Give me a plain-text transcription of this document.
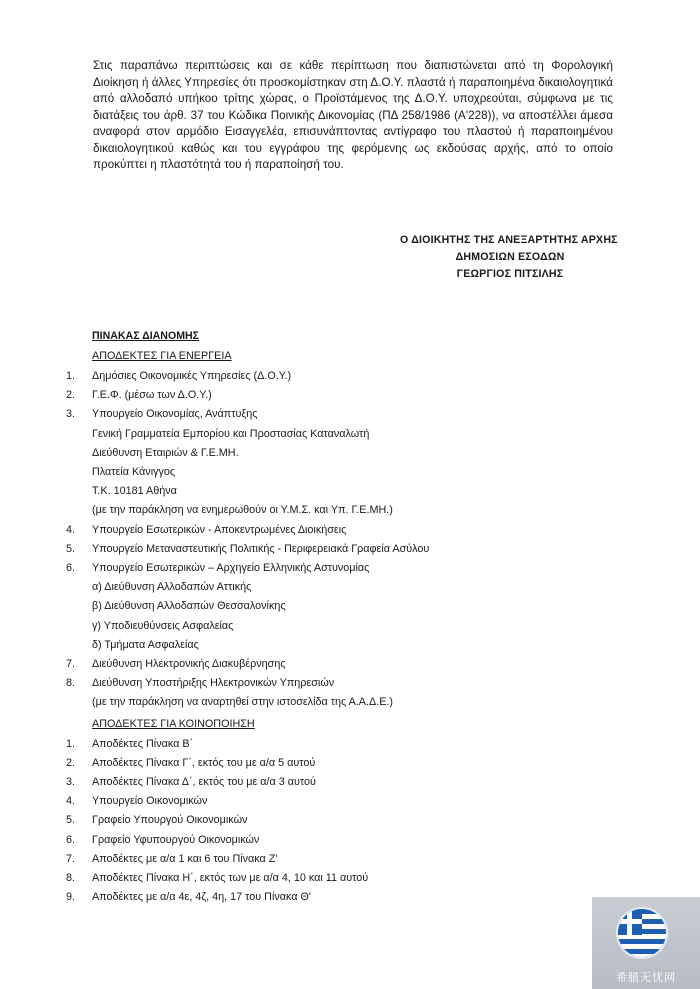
Στις παραπάνω περιπτώσεις και σε κάθε περίπτωση που διαπιστώνεται από τη Φορολογική Διοίκηση ή άλλες Υπηρεσίες ότι προσκομίστηκαν στη Δ.Ο.Υ. πλαστά ή παραποιημένα δικαιολογητικά από αλλοδαπό υπήκοο τρίτης χώρας, ο Προϊστάμενος της Δ.Ο.Υ. υποχρεούται, σύμφωνα με τις διατάξεις του άρθ. 37 του Κώδικα Ποινικής Δικονομίας (ΠΔ 258/1986 (Α'228)), να αποστέλλει άμεσα αναφορά στον αρμόδιο Εισαγγελέα, επισυνάπτοντας αντίγραφο του πλαστού ή παραποιημένου δικαιολογητικού καθώς και του εγγράφου της φερόμενης ως εκδούσας αρχής, από το οποίο προκύπτει η πλαστότητά του ή παραποίησή του.
Ο ΔΙΟΙΚΗΤΗΣ ΤΗΣ ΑΝΕΞΑΡΤΗΤΗΣ ΑΡΧΗΣ
ΔΗΜΟΣΙΩΝ ΕΣΟΔΩΝ
ΓΕΩΡΓΙΟΣ ΠΙΤΣΙΛΗΣ
ΠΙΝΑΚΑΣ ΔΙΑΝΟΜΗΣ
ΑΠΟΔΕΚΤΕΣ ΓΙΑ ΕΝΕΡΓΕΙΑ
1.	Δημόσιες Οικονομικές Υπηρεσίες (Δ.Ο.Υ.)
2.	Γ.Ε.Φ. (μέσω των Δ.Ο.Υ.)
3.	Υπουργείο Οικονομίας, Ανάπτυξης
Γενική Γραμματεία Εμπορίου και Προστασίας Καταναλωτή
Διεύθυνση Εταιριών & Γ.Ε.ΜΗ.
Πλατεία Κάνιγγος
Τ.Κ. 10181 Αθήνα
(με την παράκληση να ενημερωθούν οι Υ.Μ.Σ. και Υπ. Γ.Ε.ΜΗ.)
4.	Υπουργείο Εσωτερικών - Αποκεντρωμένες Διοικήσεις
5.	Υπουργείο Μεταναστευτικής Πολιτικής - Περιφερειακά Γραφεία Ασύλου
6.	Υπουργείο Εσωτερικών – Αρχηγείο Ελληνικής Αστυνομίας
α) Διεύθυνση Αλλοδαπών Αττικής
β) Διεύθυνση Αλλοδαπών Θεσσαλονίκης
γ) Υποδιευθύνσεις Ασφαλείας
δ) Τμήματα Ασφαλείας
7.	Διεύθυνση Ηλεκτρονικής Διακυβέρνησης
8.	Διεύθυνση Υποστήριξης Ηλεκτρονικών Υπηρεσιών
(με την παράκληση να αναρτηθεί στην ιστοσελίδα της Α.Α.Δ.Ε.)
ΑΠΟΔΕΚΤΕΣ ΓΙΑ ΚΟΙΝΟΠΟΙΗΣΗ
1.	Αποδέκτες Πίνακα Β΄
2.	Αποδέκτες Πίνακα Γ΄, εκτός του με α/α 5 αυτού
3.	Αποδέκτες Πίνακα Δ΄, εκτός του με α/α 3 αυτού
4.	Υπουργείο Οικονομικών
5.	Γραφείο Υπουργού Οικονομικών
6.	Γραφείο Υφυπουργού Οικονομικών
7.	Αποδέκτες με α/α 1 και 6 του Πίνακα Ζ'
8.	Αποδέκτες Πίνακα Η΄, εκτός των με α/α 4, 10 και 11 αυτού
9.	Αποδέκτες με α/α 4ε, 4ζ, 4η, 17 του Πίνακα Θ'
希腊无忧网
